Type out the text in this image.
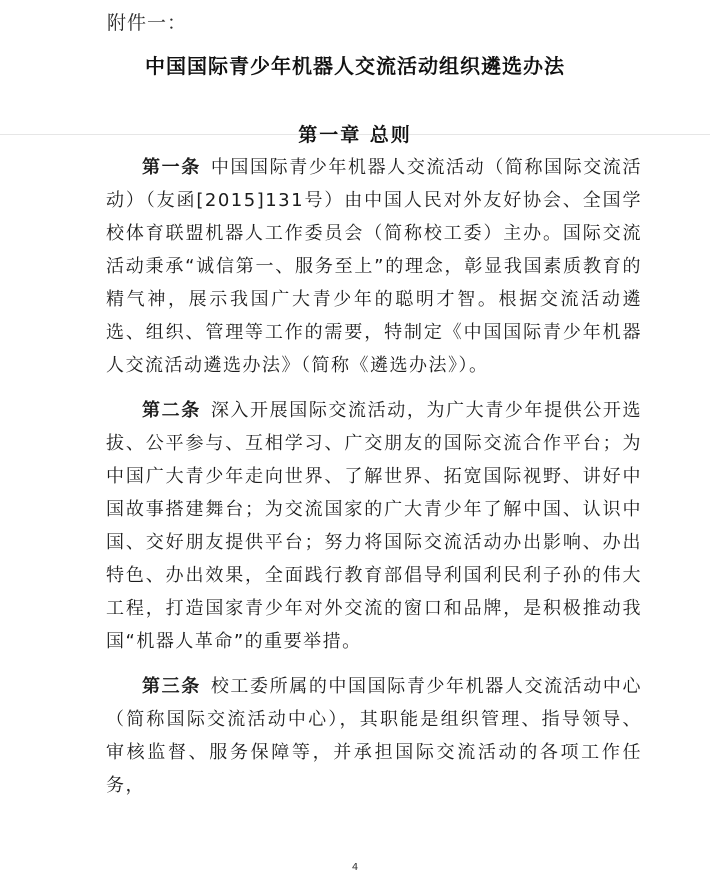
附件一：
中国国际青少年机器人交流活动组织遴选办法
第一章 总则

第一条 中国国际青少年机器人交流活动（简称国际交流活动）（友函[2015]131号）由中国人民对外友好协会、全国学校体育联盟机器人工作委员会（简称校工委）主办。国际交流活动秉承“诚信第一、服务至上”的理念，彰显我国素质教育的精气神，展示我国广大青少年的聪明才智。根据交流活动遴选、组织、管理等工作的需要，特制定《中国国际青少年机器人交流活动遴选办法》（简称《遴选办法》）。

第二条 深入开展国际交流活动，为广大青少年提供公开选拔、公平参与、互相学习、广交朋友的国际交流合作平台；为中国广大青少年走向世界、了解世界、拓宽国际视野、讲好中国故事搭建舞台；为交流国家的广大青少年了解中国、认识中国、交好朋友提供平台；努力将国际交流活动办出影响、办出特色、办出效果，全面践行教育部倡导利国利民利子孙的伟大工程，打造国家青少年对外交流的窗口和品牌，是积极推动我国“机器人革命”的重要举措。

第三条 校工委所属的中国国际青少年机器人交流活动中心（简称国际交流活动中心），其职能是组织管理、指导领导、审核监督、服务保障等，并承担国际交流活动的各项工作任务，

4
